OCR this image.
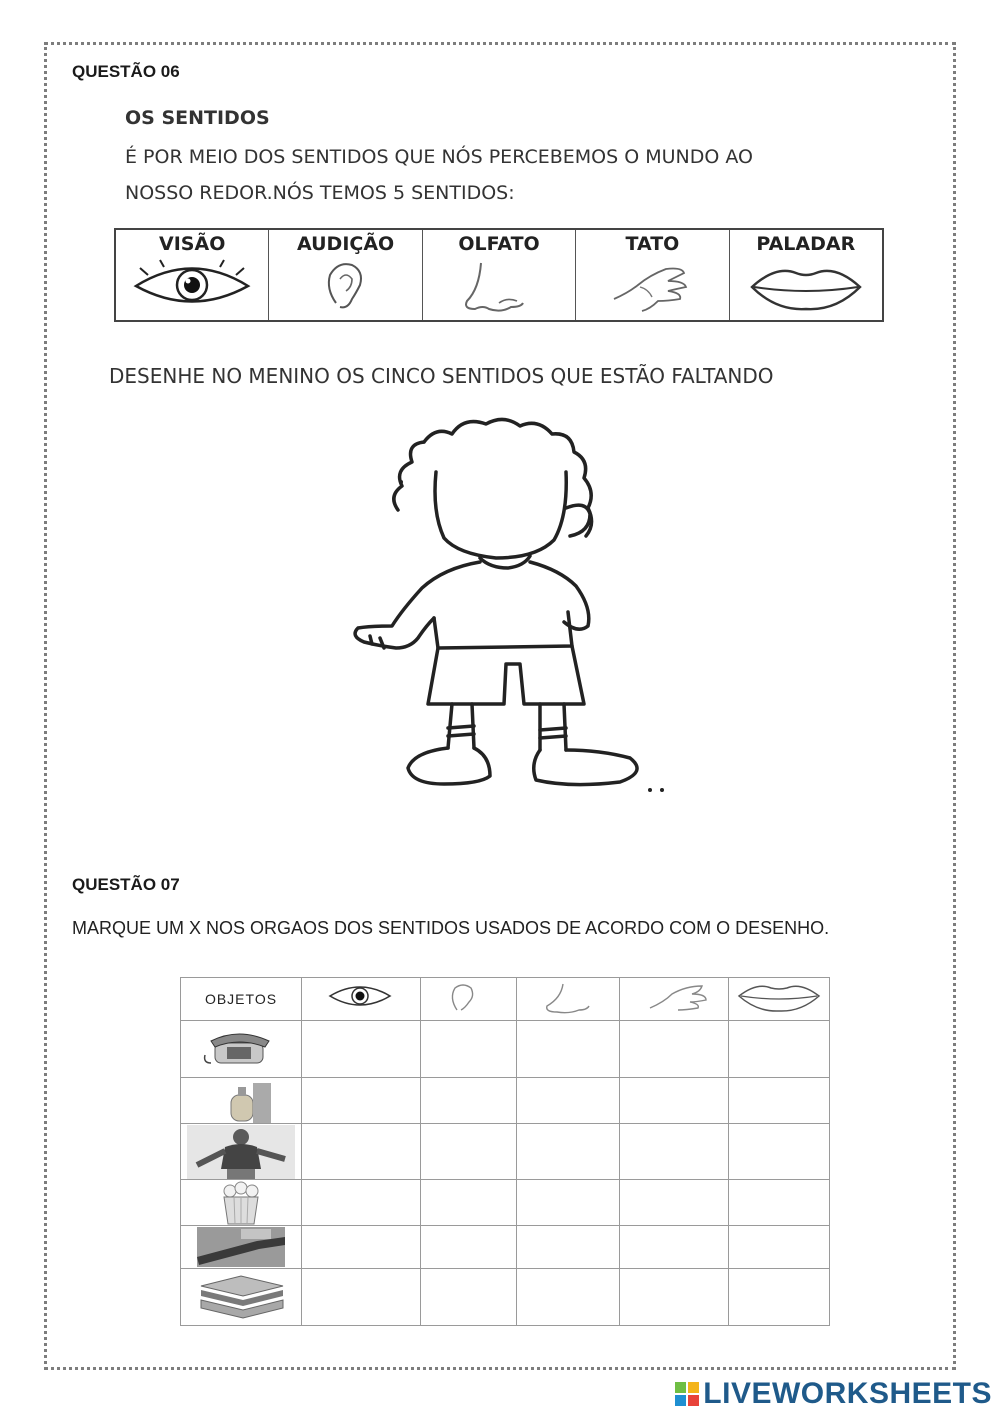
QUESTÃO 06
OS SENTIDOS
É POR MEIO DOS SENTIDOS QUE NÓS PERCEBEMOS O MUNDO AO
NOSSO REDOR.NÓS TEMOS 5 SENTIDOS:
VISÃO	AUDIÇÃO	OLFATO	TATO	PALADAR
DESENHE NO MENINO OS CINCO SENTIDOS QUE ESTÃO FALTANDO
QUESTÃO 07
MARQUE UM X NOS ORGAOS DOS SENTIDOS USADOS DE ACORDO COM O DESENHO.
OBJETOS					

LIVEWORKSHEETS
